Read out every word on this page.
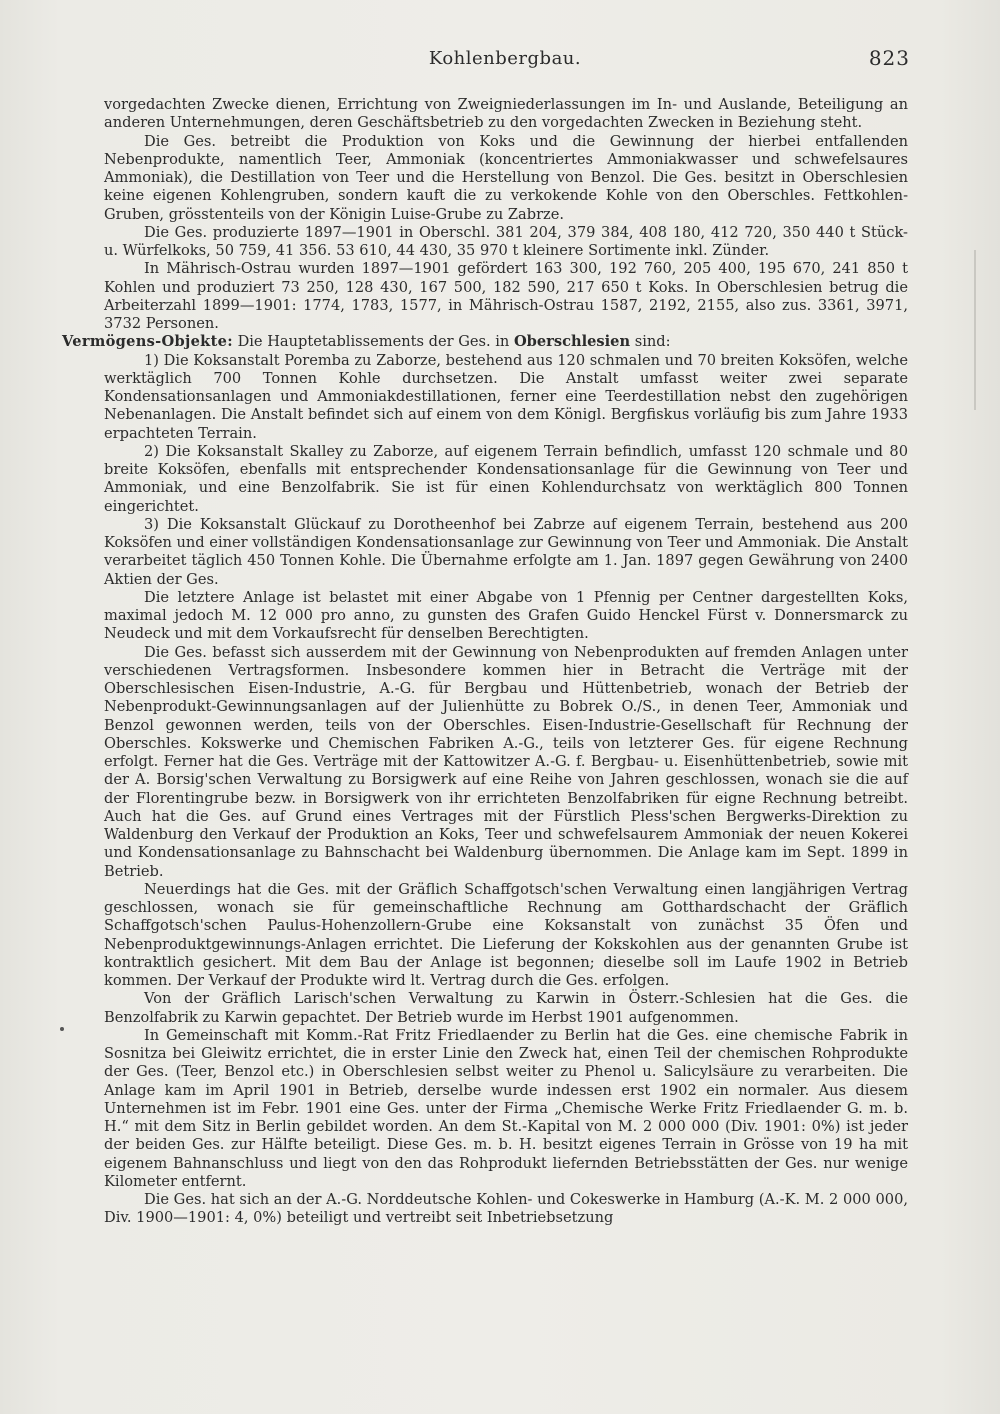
Kohlenbergbau.	823

vorgedachten Zwecke dienen, Errichtung von Zweigniederlassungen im In- und Auslande, Beteiligung an anderen Unternehmungen, deren Geschäftsbetrieb zu den vorgedachten Zwecken in Beziehung steht.

Die Ges. betreibt die Produktion von Koks und die Gewinnung der hierbei entfallenden Nebenprodukte, namentlich Teer, Ammoniak (koncentriertes Ammoniakwasser und schwefelsaures Ammoniak), die Destillation von Teer und die Herstellung von Benzol. Die Ges. besitzt in Oberschlesien keine eigenen Kohlengruben, sondern kauft die zu verkokende Kohle von den Oberschles. Fettkohlen-Gruben, grösstenteils von der Königin Luise-Grube zu Zabrze.

Die Ges. produzierte 1897—1901 in Oberschl. 381 204, 379 384, 408 180, 412 720, 350 440 t Stück- u. Würfelkoks, 50 759, 41 356. 53 610, 44 430, 35 970 t kleinere Sortimente inkl. Zünder.

In Mährisch-Ostrau wurden 1897—1901 gefördert 163 300, 192 760, 205 400, 195 670, 241 850 t Kohlen und produziert 73 250, 128 430, 167 500, 182 590, 217 650 t Koks. In Oberschlesien betrug die Arbeiterzahl 1899—1901: 1774, 1783, 1577, in Mährisch-Ostrau 1587, 2192, 2155, also zus. 3361, 3971, 3732 Personen.

Vermögens-Objekte: Die Hauptetablissements der Ges. in Oberschlesien sind:

1) Die Koksanstalt Poremba zu Zaborze, bestehend aus 120 schmalen und 70 breiten Koksöfen, welche werktäglich 700 Tonnen Kohle durchsetzen. Die Anstalt umfasst weiter zwei separate Kondensationsanlagen und Ammoniakdestillationen, ferner eine Teerdestillation nebst den zugehörigen Nebenanlagen. Die Anstalt befindet sich auf einem von dem Königl. Bergfiskus vorläufig bis zum Jahre 1933 erpachteten Terrain.

2) Die Koksanstalt Skalley zu Zaborze, auf eigenem Terrain befindlich, umfasst 120 schmale und 80 breite Koksöfen, ebenfalls mit entsprechender Kondensationsanlage für die Gewinnung von Teer und Ammoniak, und eine Benzolfabrik. Sie ist für einen Kohlendurchsatz von werktäglich 800 Tonnen eingerichtet.

3) Die Koksanstalt Glückauf zu Dorotheenhof bei Zabrze auf eigenem Terrain, bestehend aus 200 Koksöfen und einer vollständigen Kondensationsanlage zur Gewinnung von Teer und Ammoniak. Die Anstalt verarbeitet täglich 450 Tonnen Kohle. Die Übernahme erfolgte am 1. Jan. 1897 gegen Gewährung von 2400 Aktien der Ges.

Die letztere Anlage ist belastet mit einer Abgabe von 1 Pfennig per Centner dargestellten Koks, maximal jedoch M. 12 000 pro anno, zu gunsten des Grafen Guido Henckel Fürst v. Donnersmarck zu Neudeck und mit dem Vorkaufsrecht für denselben Berechtigten.

Die Ges. befasst sich ausserdem mit der Gewinnung von Nebenprodukten auf fremden Anlagen unter verschiedenen Vertragsformen. Insbesondere kommen hier in Betracht die Verträge mit der Oberschlesischen Eisen-Industrie, A.-G. für Bergbau und Hüttenbetrieb, wonach der Betrieb der Nebenprodukt-Gewinnungsanlagen auf der Julienhütte zu Bobrek O./S., in denen Teer, Ammoniak und Benzol gewonnen werden, teils von der Oberschles. Eisen-Industrie-Gesellschaft für Rechnung der Oberschles. Kokswerke und Chemischen Fabriken A.-G., teils von letzterer Ges. für eigene Rechnung erfolgt. Ferner hat die Ges. Verträge mit der Kattowitzer A.-G. f. Bergbau- u. Eisenhüttenbetrieb, sowie mit der A. Borsig'schen Verwaltung zu Borsigwerk auf eine Reihe von Jahren geschlossen, wonach sie die auf der Florentingrube bezw. in Borsigwerk von ihr errichteten Benzolfabriken für eigne Rechnung betreibt. Auch hat die Ges. auf Grund eines Vertrages mit der Fürstlich Pless'schen Bergwerks-Direktion zu Waldenburg den Verkauf der Produktion an Koks, Teer und schwefelsaurem Ammoniak der neuen Kokerei und Kondensationsanlage zu Bahnschacht bei Waldenburg übernommen. Die Anlage kam im Sept. 1899 in Betrieb.

Neuerdings hat die Ges. mit der Gräflich Schaffgotsch'schen Verwaltung einen langjährigen Vertrag geschlossen, wonach sie für gemeinschaftliche Rechnung am Gotthardschacht der Gräflich Schaffgotsch'schen Paulus-Hohenzollern-Grube eine Koksanstalt von zunächst 35 Öfen und Nebenproduktgewinnungs-Anlagen errichtet. Die Lieferung der Kokskohlen aus der genannten Grube ist kontraktlich gesichert. Mit dem Bau der Anlage ist begonnen; dieselbe soll im Laufe 1902 in Betrieb kommen. Der Verkauf der Produkte wird lt. Vertrag durch die Ges. erfolgen.

Von der Gräflich Larisch'schen Verwaltung zu Karwin in Österr.-Schlesien hat die Ges. die Benzolfabrik zu Karwin gepachtet. Der Betrieb wurde im Herbst 1901 aufgenommen.

In Gemeinschaft mit Komm.-Rat Fritz Friedlaender zu Berlin hat die Ges. eine chemische Fabrik in Sosnitza bei Gleiwitz errichtet, die in erster Linie den Zweck hat, einen Teil der chemischen Rohprodukte der Ges. (Teer, Benzol etc.) in Oberschlesien selbst weiter zu Phenol u. Salicylsäure zu verarbeiten. Die Anlage kam im April 1901 in Betrieb, derselbe wurde indessen erst 1902 ein normaler. Aus diesem Unternehmen ist im Febr. 1901 eine Ges. unter der Firma „Chemische Werke Fritz Friedlaender G. m. b. H.“ mit dem Sitz in Berlin gebildet worden. An dem St.-Kapital von M. 2 000 000 (Div. 1901: 0%) ist jeder der beiden Ges. zur Hälfte beteiligt. Diese Ges. m. b. H. besitzt eigenes Terrain in Grösse von 19 ha mit eigenem Bahnanschluss und liegt von den das Rohprodukt liefernden Betriebsstätten der Ges. nur wenige Kilometer entfernt.

Die Ges. hat sich an der A.-G. Norddeutsche Kohlen- und Cokeswerke in Hamburg (A.-K. M. 2 000 000, Div. 1900—1901: 4, 0%) beteiligt und vertreibt seit Inbetriebsetzung
